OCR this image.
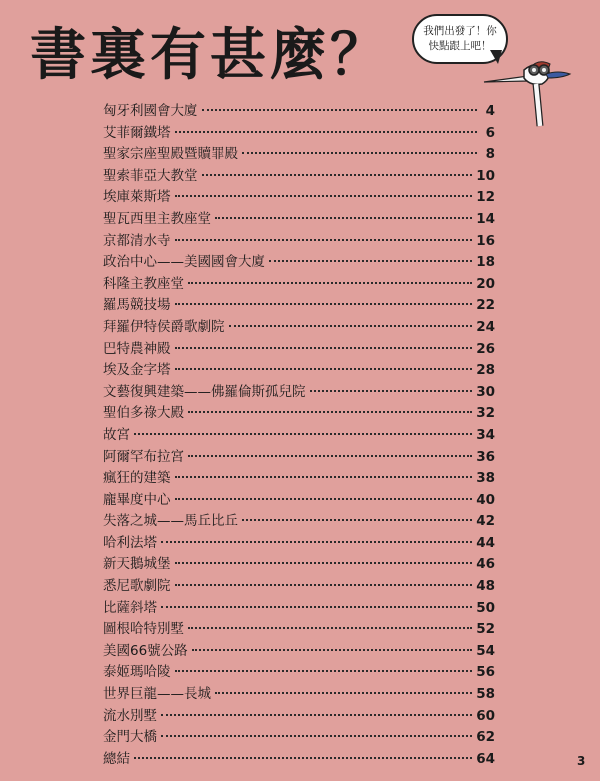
書裏有甚麼？	我們出發了！你
快點跟上吧！
匈牙利國會大廈	4
艾菲爾鐵塔	6
聖家宗座聖殿暨贖罪殿	8
聖索菲亞大教堂	10
埃庫萊斯塔	12
聖瓦西里主教座堂	14
京都清水寺	16
政治中心——美國國會大廈	18
科隆主教座堂	20
羅馬競技場	22
拜羅伊特侯爵歌劇院	24
巴特農神殿	26
埃及金字塔	28
文藝復興建築——佛羅倫斯孤兒院	30
聖伯多祿大殿	32
故宮	34
阿爾罕布拉宮	36
瘋狂的建築	38
龐畢度中心	40
失落之城——馬丘比丘	42
哈利法塔	44
新天鵝城堡	46
悉尼歌劇院	48
比薩斜塔	50
圖根哈特別墅	52
美國66號公路	54
泰姬瑪哈陵	56
世界巨龍——長城	58
流水別墅	60
金門大橋	62
總結	64	3
